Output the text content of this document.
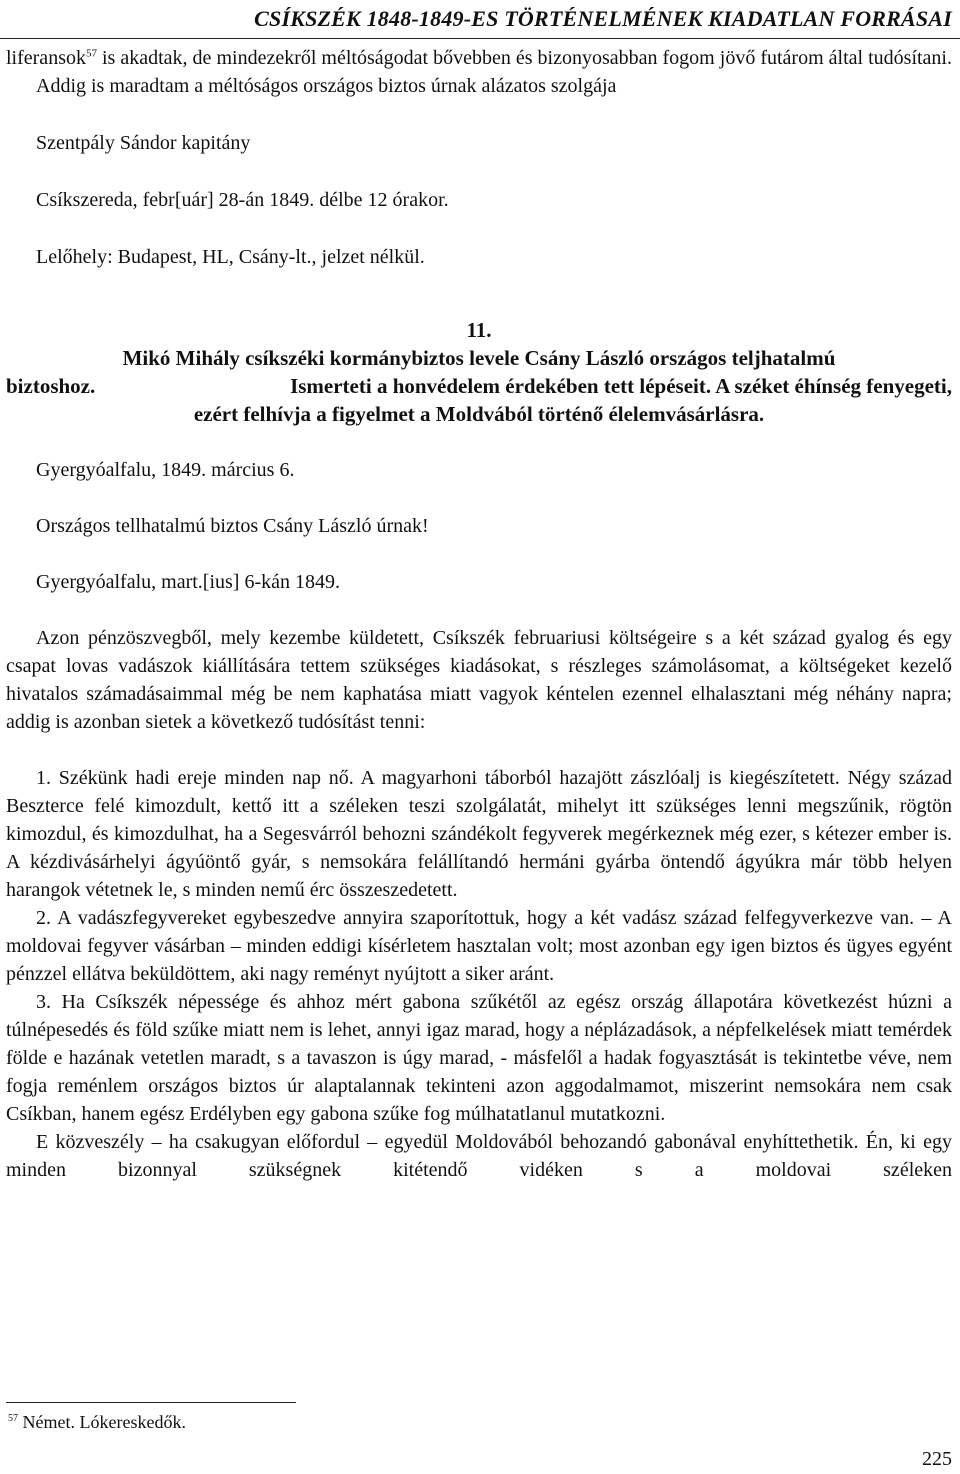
CSÍKSZÉK 1848-1849-ES TÖRTÉNELMÉNEK KIADATLAN FORRÁSAI

liferansok$^{57}$ is akadtak, de mindezekről méltóságodat bővebben és bizonyosabban fogom jövő futárom által tudósítani.

Addig is maradtam a méltóságos országos biztos úrnak alázatos szolgája

Szentpály Sándor kapitány

Csíkszereda, febr[uár] 28-án 1849. délbe 12 órakor.

Lelőhely: Budapest, HL, Csány-lt., jelzet nélkül.

11.

Mikó Mihály csíkszéki kormánybiztos levele Csány László országos teljhatalmú

biztoshoz.	Ismerteti a honvédelem érdekében tett lépéseit. A széket éhínség fenyegeti,

ezért felhívja a figyelmet a Moldvából történő élelemvásárlásra.

Gyergyóalfalu, 1849. március 6.

Országos tellhatalmú biztos Csány László úrnak!

Gyergyóalfalu, mart.[ius] 6-kán 1849.

Azon pénzöszvegből, mely kezembe küldetett, Csíkszék februariusi költségeire s a két század gyalog és egy csapat lovas vadászok kiállítására tettem szükséges kiadásokat, s részleges számolásomat, a költségeket kezelő hivatalos számadásaimmal még be nem kaphatása miatt vagyok kéntelen ezennel elhalasztani még néhány napra; addig is azonban sietek a következő tudósítást tenni:

1. Székünk hadi ereje minden nap nő. A magyarhoni táborból hazajött zászlóalj is kiegészítetett. Négy század Beszterce felé kimozdult, kettő itt a széleken teszi szolgálatát, mihelyt itt szükséges lenni megszűnik, rögtön kimozdul, és kimozdulhat, ha a Segesvárról behozni szándékolt fegyverek megérkeznek még ezer, s kétezer ember is. A kézdivásárhelyi ágyúöntő gyár, s nemsokára felállítandó hermáni gyárba öntendő ágyúkra már több helyen harangok vétetnek le, s minden nemű érc összeszedetett.

2. A vadászfegyvereket egybeszedve annyira szaporítottuk, hogy a két vadász század felfegyverkezve van. – A moldovai fegyver vásárban – minden eddigi kísérletem hasztalan volt; most azonban egy igen biztos és ügyes egyént pénzzel ellátva beküldöttem, aki nagy reményt nyújtott a siker aránt.

3. Ha Csíkszék népessége és ahhoz mért gabona szűkétől az egész ország állapotára következést húzni a túlnépesedés és föld szűke miatt nem is lehet, annyi igaz marad, hogy a néplázadások, a népfelkelések miatt temérdek földe e hazának vetetlen maradt, s a tavaszon is úgy marad, - másfelől a hadak fogyasztását is tekintetbe véve, nem fogja reménlem országos biztos úr alaptalannak tekinteni azon aggodalmamot, miszerint nemsokára nem csak Csíkban, hanem egész Erdélyben egy gabona szűke fog múlhatatlanul mutatkozni.

E közveszély – ha csakugyan előfordul – egyedül Moldovából behozandó gabonával enyhíttethetik. Én, ki egy minden bizonnyal szükségnek kitétendő vidéken s a moldovai széleken

$^{57}$ Német. Lókereskedők.
225
